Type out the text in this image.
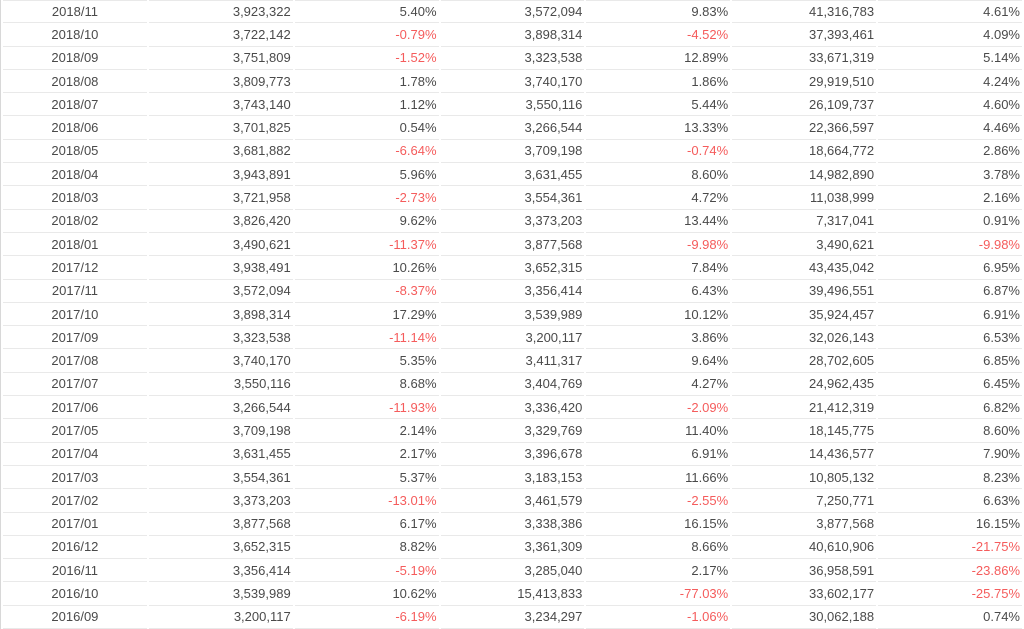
2018/11	3,923,322	5.40%	3,572,094	9.83%	41,316,783	4.61%
2018/10	3,722,142	-0.79%	3,898,314	-4.52%	37,393,461	4.09%
2018/09	3,751,809	-1.52%	3,323,538	12.89%	33,671,319	5.14%
2018/08	3,809,773	1.78%	3,740,170	1.86%	29,919,510	4.24%
2018/07	3,743,140	1.12%	3,550,116	5.44%	26,109,737	4.60%
2018/06	3,701,825	0.54%	3,266,544	13.33%	22,366,597	4.46%
2018/05	3,681,882	-6.64%	3,709,198	-0.74%	18,664,772	2.86%
2018/04	3,943,891	5.96%	3,631,455	8.60%	14,982,890	3.78%
2018/03	3,721,958	-2.73%	3,554,361	4.72%	11,038,999	2.16%
2018/02	3,826,420	9.62%	3,373,203	13.44%	7,317,041	0.91%
2018/01	3,490,621	-11.37%	3,877,568	-9.98%	3,490,621	-9.98%
2017/12	3,938,491	10.26%	3,652,315	7.84%	43,435,042	6.95%
2017/11	3,572,094	-8.37%	3,356,414	6.43%	39,496,551	6.87%
2017/10	3,898,314	17.29%	3,539,989	10.12%	35,924,457	6.91%
2017/09	3,323,538	-11.14%	3,200,117	3.86%	32,026,143	6.53%
2017/08	3,740,170	5.35%	3,411,317	9.64%	28,702,605	6.85%
2017/07	3,550,116	8.68%	3,404,769	4.27%	24,962,435	6.45%
2017/06	3,266,544	-11.93%	3,336,420	-2.09%	21,412,319	6.82%
2017/05	3,709,198	2.14%	3,329,769	11.40%	18,145,775	8.60%
2017/04	3,631,455	2.17%	3,396,678	6.91%	14,436,577	7.90%
2017/03	3,554,361	5.37%	3,183,153	11.66%	10,805,132	8.23%
2017/02	3,373,203	-13.01%	3,461,579	-2.55%	7,250,771	6.63%
2017/01	3,877,568	6.17%	3,338,386	16.15%	3,877,568	16.15%
2016/12	3,652,315	8.82%	3,361,309	8.66%	40,610,906	-21.75%
2016/11	3,356,414	-5.19%	3,285,040	2.17%	36,958,591	-23.86%
2016/10	3,539,989	10.62%	15,413,833	-77.03%	33,602,177	-25.75%
2016/09	3,200,117	-6.19%	3,234,297	-1.06%	30,062,188	0.74%
